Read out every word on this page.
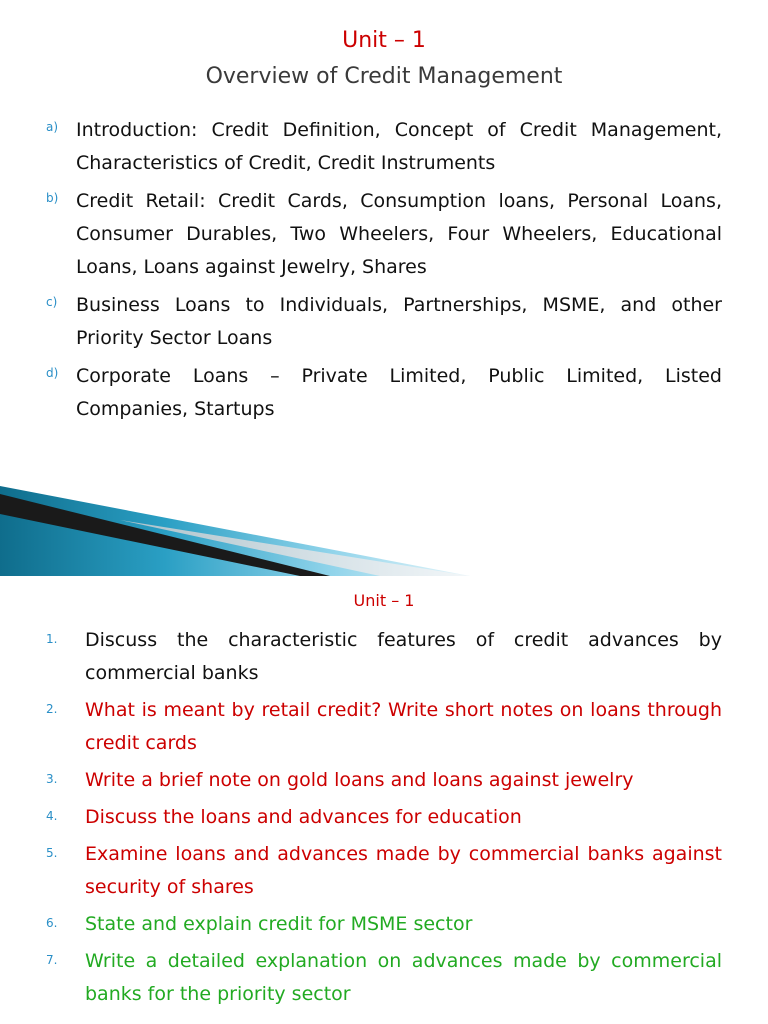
Unit – 1
Overview of Credit Management
a) Introduction: Credit Definition, Concept of Credit Management, Characteristics of Credit, Credit Instruments
b) Credit Retail: Credit Cards, Consumption loans, Personal Loans, Consumer Durables, Two Wheelers, Four Wheelers, Educational Loans, Loans against Jewelry, Shares
c) Business Loans to Individuals, Partnerships, MSME, and other Priority Sector Loans
d) Corporate Loans – Private Limited, Public Limited, Listed Companies, Startups
Unit – 1
1. Discuss the characteristic features of credit advances by commercial banks
2. What is meant by retail credit? Write short notes on loans through credit cards
3. Write a brief note on gold loans and loans against jewelry
4. Discuss the loans and advances for education
5. Examine loans and advances made by commercial banks against security of shares
6. State and explain credit for MSME sector
7. Write a detailed explanation on advances made by commercial banks for the priority sector
